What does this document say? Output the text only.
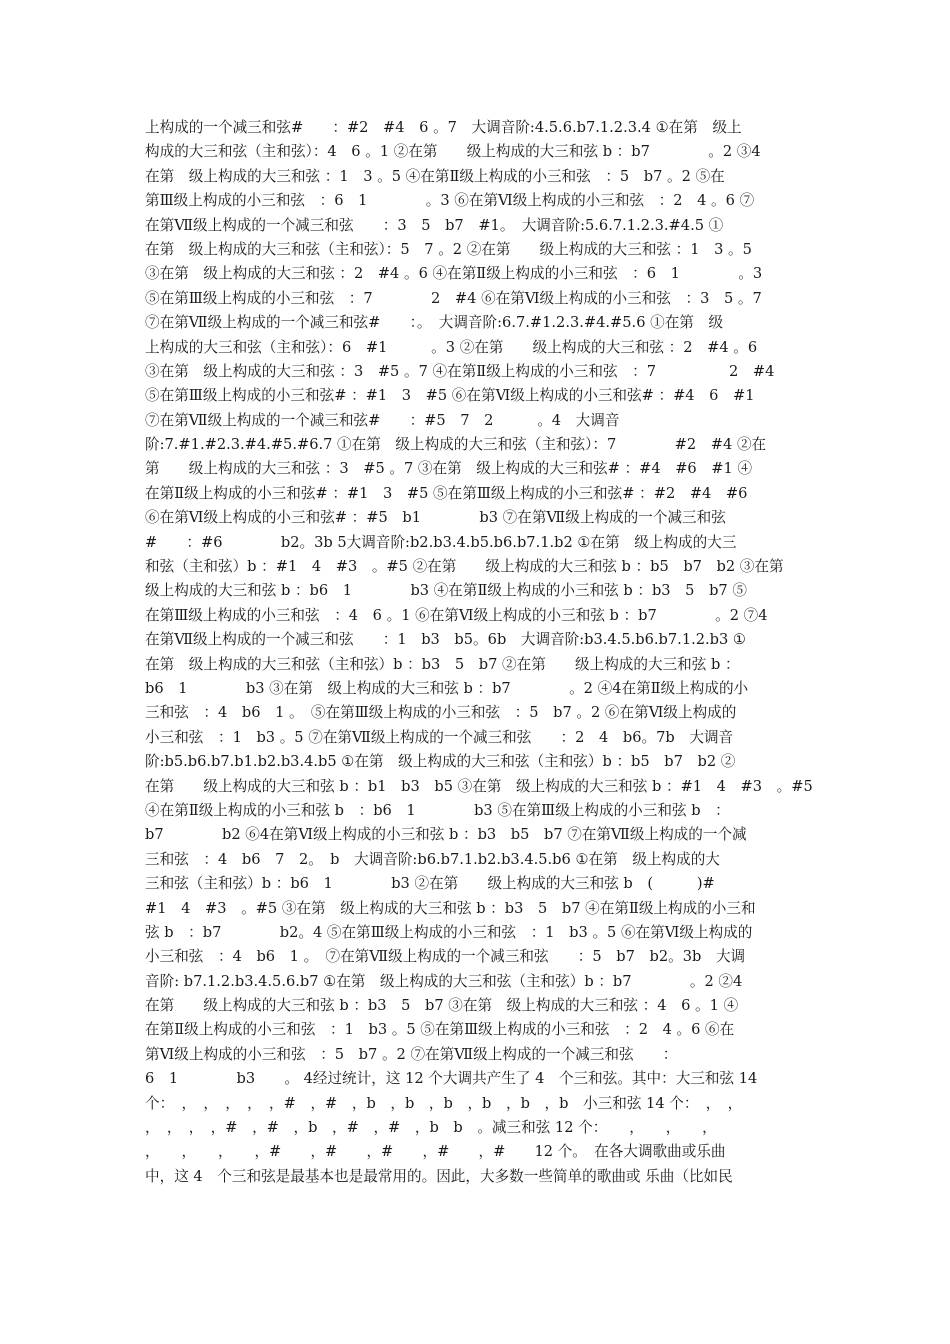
上构成的一个减三和弦#　　：#2　#4　6 。7　大调音阶:4.5.6.b7.1.2.3.4 ①在第　级上
构成的大三和弦（主和弦）：4　6 。1 ②在第　　级上构成的大三和弦 b ：b7　　　　。2 ③4
在第　级上构成的大三和弦 ：1　3 。5 ④在第Ⅱ级上构成的小三和弦　：5　b7 。2 ⑤在
第Ⅲ级上构成的小三和弦　：6　1　　　　。3 ⑥在第Ⅵ级上构成的小三和弦　：2　4 。6 ⑦
在第Ⅶ级上构成的一个减三和弦　　：3　5　b7　#1。　大调音阶:5.6.7.1.2.3.#4.5 ①
在第　级上构成的大三和弦（主和弦）：5　7 。2 ②在第　　级上构成的大三和弦 ：1　3 。5
③在第　级上构成的大三和弦 ：2　#4 。6 ④在第Ⅱ级上构成的小三和弦　：6　1　　　　。3
⑤在第Ⅲ级上构成的小三和弦　：7　　　　2　#4 ⑥在第Ⅵ级上构成的小三和弦　：3　5 。7
⑦在第Ⅶ级上构成的一个减三和弦#　　：。　大调音阶:6.7.#1.2.3.#4.#5.6 ①在第　级
上构成的大三和弦（主和弦）：6　#1　　　。3 ②在第　　级上构成的大三和弦 ：2　#4 。6
③在第　级上构成的大三和弦 ：3　#5 。7 ④在第Ⅱ级上构成的小三和弦　：7　　　　　2　#4
⑤在第Ⅲ级上构成的小三和弦# ：#1　3　#5 ⑥在第Ⅵ级上构成的小三和弦# ：#4　6　#1
⑦在第Ⅶ级上构成的一个减三和弦#　　：#5　7　2　　　。4　大调音
阶:7.#1.#2.3.#4.#5.#6.7 ①在第　级上构成的大三和弦（主和弦）：7　　　　#2　#4 ②在
第　　级上构成的大三和弦 ：3　#5 。7 ③在第　级上构成的大三和弦# ：#4　#6　#1 ④
在第Ⅱ级上构成的小三和弦# ：#1　3　#5 ⑤在第Ⅲ级上构成的小三和弦# ：#2　#4　#6
⑥在第Ⅵ级上构成的小三和弦# ：#5　b1　　　　b3 ⑦在第Ⅶ级上构成的一个减三和弦
#　　：#6　　　　b2。3b 5大调音阶:b2.b3.4.b5.b6.b7.1.b2 ①在第　级上构成的大三
和弦（主和弦）b ：#1　4　#3　。#5 ②在第　　级上构成的大三和弦 b ：b5　b7　b2 ③在第
级上构成的大三和弦 b ：b6　1　　　　b3 ④在第Ⅱ级上构成的小三和弦 b ：b3　5　b7 ⑤
在第Ⅲ级上构成的小三和弦　：4　6 。1 ⑥在第Ⅵ级上构成的小三和弦 b ：b7　　　　。2 ⑦4
在第Ⅶ级上构成的一个减三和弦　　：1　b3　b5。6b　大调音阶:b3.4.5.b6.b7.1.2.b3 ①
在第　级上构成的大三和弦（主和弦）b ：b3　5　b7 ②在第　　级上构成的大三和弦 b ：
b6　1　　　　b3 ③在第　级上构成的大三和弦 b ：b7　　　　。2 ④4在第Ⅱ级上构成的小
三和弦　：4　b6　1 。　⑤在第Ⅲ级上构成的小三和弦　：5　b7 。2 ⑥在第Ⅵ级上构成的
小三和弦　：1　b3 。5 ⑦在第Ⅶ级上构成的一个减三和弦　　：2　4　b6。7b　大调音
阶:b5.b6.b7.b1.b2.b3.4.b5 ①在第　级上构成的大三和弦（主和弦）b ：b5　b7　b2 ②
在第　　级上构成的大三和弦 b ：b1　b3　b5 ③在第　级上构成的大三和弦 b ：#1　4　#3　。#5
④在第Ⅱ级上构成的小三和弦 b　：b6　1　　　　b3 ⑤在第Ⅲ级上构成的小三和弦 b　：
b7　　　　b2 ⑥4在第Ⅵ级上构成的小三和弦 b ：b3　b5　b7 ⑦在第Ⅶ级上构成的一个减
三和弦　：4　b6　7　2。　b　大调音阶:b6.b7.1.b2.b3.4.5.b6 ①在第　级上构成的大
三和弦（主和弦）b ：b6　1　　　　b3 ②在第　　级上构成的大三和弦 b　(　　　)#
#1　4　#3　。#5 ③在第　级上构成的大三和弦 b ：b3　5　b7 ④在第Ⅱ级上构成的小三和
弦 b　：b7　　　　b2。4 ⑤在第Ⅲ级上构成的小三和弦　：1　b3 。5 ⑥在第Ⅵ级上构成的
小三和弦　：4　b6　1 。　⑦在第Ⅶ级上构成的一个减三和弦　　：5　b7　b2。3b　大调
音阶: b7.1.2.b3.4.5.6.b7 ①在第　级上构成的大三和弦（主和弦）b ：b7　　　　。2 ②4
在第　　级上构成的大三和弦 b ：b3　5　b7 ③在第　级上构成的大三和弦 ：4　6 。1 ④
在第Ⅱ级上构成的小三和弦　：1　b3 。5 ⑤在第Ⅲ级上构成的小三和弦　：2　4 。6 ⑥在
第Ⅵ级上构成的小三和弦　：5　b7 。2 ⑦在第Ⅶ级上构成的一个减三和弦　　：
6　1　　　　b3　　。 4经过统计，这 12 个大调共产生了 4　个三和弦。其中：大三和弦 14
个：　，　，　，　，　，#　，#　，b　，b　，b　，b　，b　，b　小三和弦 14 个：　，　，
，　，　，　，#　，#　，b　，#　，#　，b　b　。减三和弦 12 个：　　，　　，　　，
，　　，　　，　　，#　　，#　　，#　　，#　　，#　　12 个。　在各大调歌曲或乐曲
中，这 4　个三和弦是最基本也是最常用的。因此，大多数一些简单的歌曲或 乐曲（比如民
